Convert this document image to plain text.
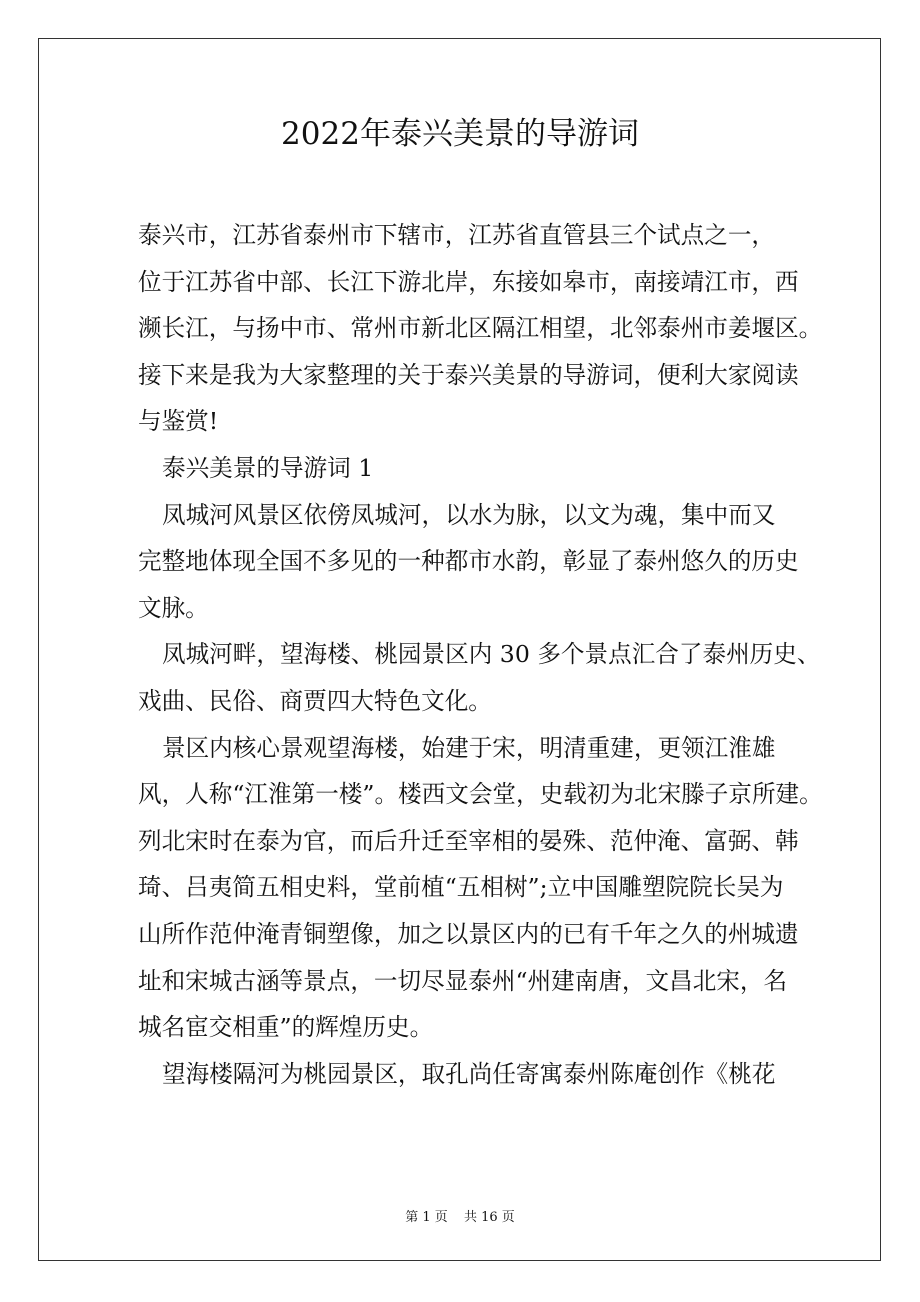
2022年泰兴美景的导游词
泰兴市，江苏省泰州市下辖市，江苏省直管县三个试点之一，
位于江苏省中部、长江下游北岸，东接如皋市，南接靖江市，西
濒长江，与扬中市、常州市新北区隔江相望，北邻泰州市姜堰区。
接下来是我为大家整理的关于泰兴美景的导游词，便利大家阅读
与鉴赏!
泰兴美景的导游词 1
凤城河风景区依傍凤城河，以水为脉，以文为魂，集中而又
完整地体现全国不多见的一种都市水韵，彰显了泰州悠久的历史
文脉。
凤城河畔，望海楼、桃园景区内 30 多个景点汇合了泰州历史、
戏曲、民俗、商贾四大特色文化。
景区内核心景观望海楼，始建于宋，明清重建，更领江淮雄
风，人称“江淮第一楼”。楼西文会堂，史载初为北宋滕子京所建。
列北宋时在泰为官，而后升迁至宰相的晏殊、范仲淹、富弼、韩
琦、吕夷简五相史料，堂前植“五相树”;立中国雕塑院院长吴为
山所作范仲淹青铜塑像，加之以景区内的已有千年之久的州城遗
址和宋城古涵等景点，一切尽显泰州“州建南唐，文昌北宋，名
城名宦交相重”的辉煌历史。
望海楼隔河为桃园景区，取孔尚任寄寓泰州陈庵创作《桃花
第 1 页 共 16 页
